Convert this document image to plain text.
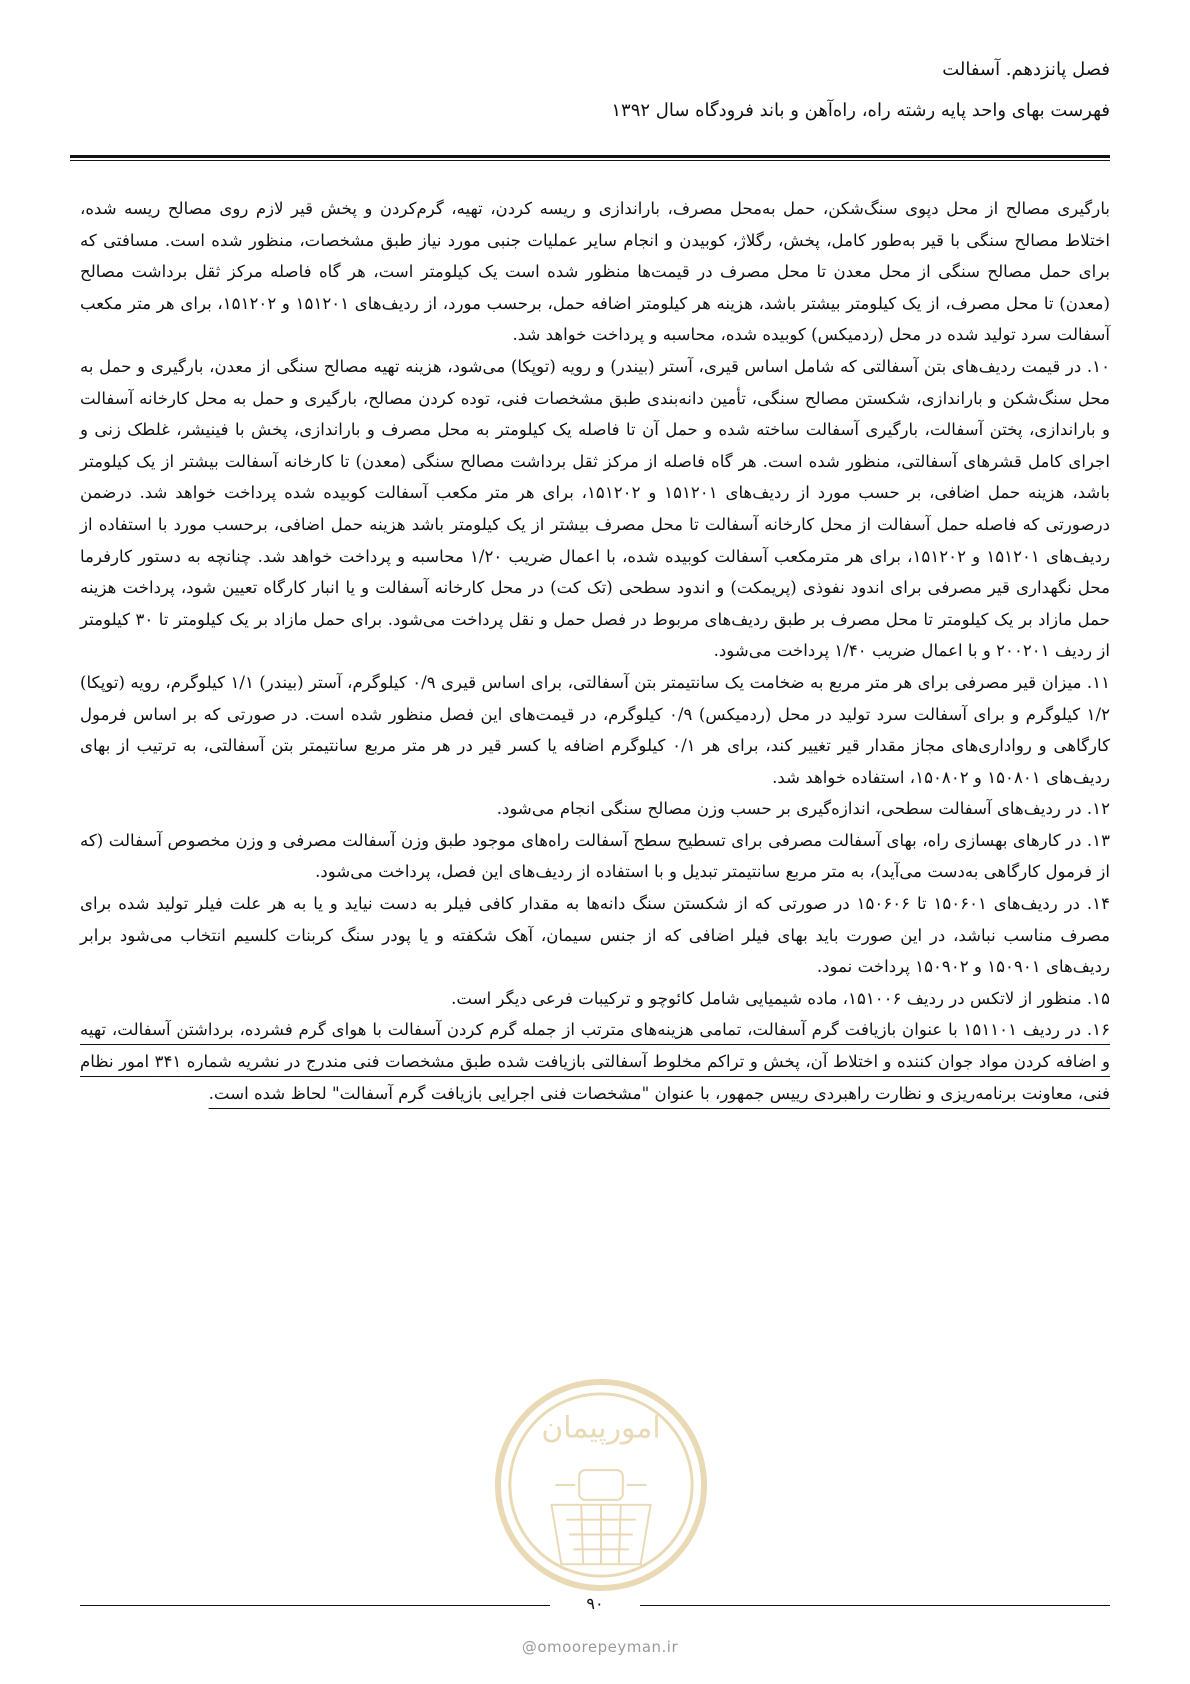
فصل پانزدهم. آسفالت

فهرست بهای واحد پایه رشته راه، راه‌آهن و باند فرودگاه سال ۱۳۹۲

بارگیری مصالح از محل دپوی سنگ‌شکن، حمل به‌محل مصرف، باراندازی و ریسه کردن، تهیه، گرم‌کردن و پخش قیر لازم روی مصالح ریسه شده، اختلاط مصالح سنگی با قیر به‌طور کامل، پخش، رگلاژ، کوبیدن و انجام سایر عملیات جنبی مورد نیاز طبق مشخصات، منظور شده است. مسافتی که برای حمل مصالح سنگی از محل معدن تا محل مصرف در قیمت‌ها منظور شده است یک کیلومتر است، هر گاه فاصله مرکز ثقل برداشت مصالح (معدن) تا محل مصرف، از یک کیلومتر بیشتر باشد، هزینه هر کیلومتر اضافه حمل، برحسب مورد، از ردیف‌های ۱۵۱۲۰۱ و ۱۵۱۲۰۲، برای هر متر مکعب آسفالت سرد تولید شده در محل (ردمیکس) کوبیده شده، محاسبه و پرداخت خواهد شد.

۱۰. در قیمت ردیف‌های بتن آسفالتی که شامل اساس قیری، آستر (بیندر) و رویه (توپکا) می‌شود، هزینه تهیه مصالح سنگی از معدن، بارگیری و حمل به محل سنگ‌شکن و باراندازی، شکستن مصالح سنگی، تأمین دانه‌بندی طبق مشخصات فنی، توده کردن مصالح، بارگیری و حمل به محل کارخانه آسفالت و باراندازی، پختن آسفالت، بارگیری آسفالت ساخته شده و حمل آن تا فاصله یک کیلومتر به محل مصرف و باراندازی، پخش با فینیشر، غلطک زنی و اجرای کامل قشرهای آسفالتی، منظور شده است. هر گاه فاصله از مرکز ثقل برداشت مصالح سنگی (معدن) تا کارخانه آسفالت بیشتر از یک کیلومتر باشد، هزینه حمل اضافی، بر حسب مورد از ردیف‌های ۱۵۱۲۰۱ و ۱۵۱۲۰۲، برای هر متر مکعب آسفالت کوبیده شده پرداخت خواهد شد. درضمن درصورتی که فاصله حمل آسفالت از محل کارخانه آسفالت تا محل مصرف بیشتر از یک کیلومتر باشد هزینه حمل اضافی، برحسب مورد با استفاده از ردیف‌های ۱۵۱۲۰۱ و ۱۵۱۲۰۲، برای هر مترمکعب آسفالت کوبیده شده، با اعمال ضریب ۱/۲۰ محاسبه و پرداخت خواهد شد. چنانچه به دستور کارفرما محل نگهداری قیر مصرفی برای اندود نفوذی (پریمکت) و اندود سطحی (تک کت) در محل کارخانه آسفالت و یا انبار کارگاه تعیین شود، پرداخت هزینه حمل مازاد بر یک کیلومتر تا محل مصرف بر طبق ردیف‌های مربوط در فصل حمل و نقل پرداخت می‌شود. برای حمل مازاد بر یک کیلومتر تا ۳۰ کیلومتر از ردیف ۲۰۰۲۰۱ و با اعمال ضریب ۱/۴۰ پرداخت می‌شود.

۱۱. میزان قیر مصرفی برای هر متر مربع به ضخامت یک سانتیمتر بتن آسفالتی، برای اساس قیری ۰/۹ کیلوگرم، آستر (بیندر) ۱/۱ کیلوگرم، رویه (توپکا) ۱/۲ کیلوگرم و برای آسفالت سرد تولید در محل (ردمیکس) ۰/۹ کیلوگرم، در قیمت‌های این فصل منظور شده است. در صورتی که بر اساس فرمول کارگاهی و رواداری‌های مجاز مقدار قیر تغییر کند، برای هر ۰/۱ کیلوگرم اضافه یا کسر قیر در هر متر مربع سانتیمتر بتن آسفالتی، به ترتیب از بهای ردیف‌های ۱۵۰۸۰۱ و ۱۵۰۸۰۲، استفاده خواهد شد.

۱۲. در ردیف‌های آسفالت سطحی، اندازه‌گیری بر حسب وزن مصالح سنگی انجام می‌شود.

۱۳. در کارهای بهسازی راه، بهای آسفالت مصرفی برای تسطیح سطح آسفالت راه‌های موجود طبق وزن آسفالت مصرفی و وزن مخصوص آسفالت (که از فرمول کارگاهی به‌دست می‌آید)، به متر مربع سانتیمتر تبدیل و با استفاده از ردیف‌های این فصل، پرداخت می‌شود.

۱۴. در ردیف‌های ۱۵۰۶۰۱ تا ۱۵۰۶۰۶ در صورتی که از شکستن سنگ دانه‌ها به مقدار کافی فیلر به دست نیاید و یا به هر علت فیلر تولید شده برای مصرف مناسب نباشد، در این صورت باید بهای فیلر اضافی که از جنس سیمان، آهک شکفته و یا پودر سنگ کربنات کلسیم انتخاب می‌شود برابر ردیف‌های ۱۵۰۹۰۱ و ۱۵۰۹۰۲ پرداخت نمود.

۱۵. منظور از لاتکس در ردیف ۱۵۱۰۰۶، ماده شیمیایی شامل کائوچو و ترکیبات فرعی دیگر است.

۱۶. در ردیف ۱۵۱۱۰۱ با عنوان بازیافت گرم آسفالت، تمامی هزینه‌های مترتب از جمله گرم کردن آسفالت با هوای گرم فشرده، برداشتن آسفالت، تهیه و اضافه کردن مواد جوان کننده و اختلاط آن، پخش و تراکم مخلوط آسفالتی بازیافت شده طبق مشخصات فنی مندرج در نشریه شماره ۳۴۱ امور نظام فنی، معاونت برنامه‌ریزی و نظارت راهبردی رییس جمهور، با عنوان "مشخصات فنی اجرایی بازیافت گرم آسفالت" لحاظ شده است.

امورپیمان
۹۰
@omoorepeyman.ir
